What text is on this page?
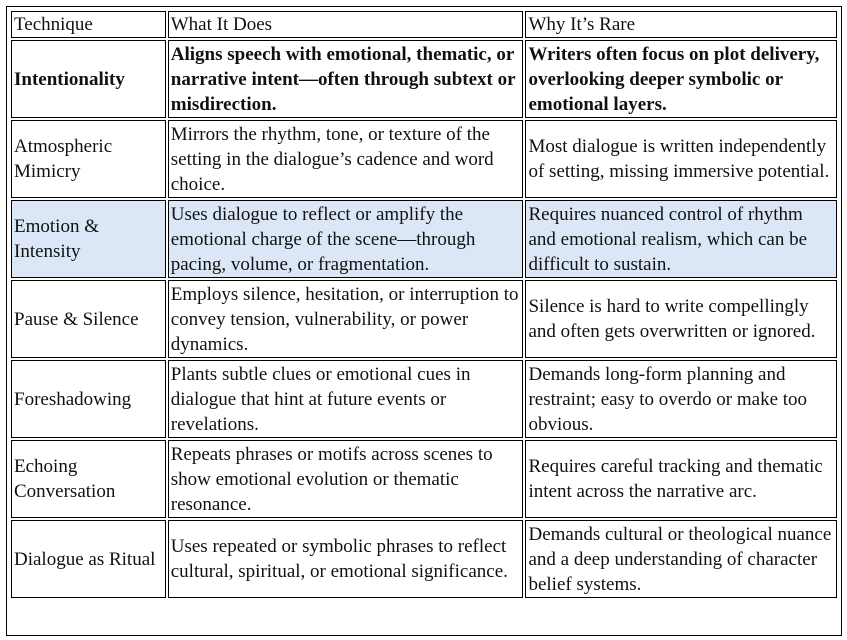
Technique	What It Does	Why It’s Rare
Intentionality	Aligns speech with emotional, thematic, or narrative intent—often through subtext or misdirection.	Writers often focus on plot delivery, overlooking deeper symbolic or emotional layers.
Atmospheric Mimicry	Mirrors the rhythm, tone, or texture of the setting in the dialogue’s cadence and word choice.	Most dialogue is written independently of setting, missing immersive potential.
Emotion & Intensity	Uses dialogue to reflect or amplify the emotional charge of the scene—through pacing, volume, or fragmentation.	Requires nuanced control of rhythm and emotional realism, which can be difficult to sustain.
Pause & Silence	Employs silence, hesitation, or interruption to convey tension, vulnerability, or power dynamics.	Silence is hard to write compellingly and often gets overwritten or ignored.
Foreshadowing	Plants subtle clues or emotional cues in dialogue that hint at future events or revelations.	Demands long-form planning and restraint; easy to overdo or make too obvious.
Echoing Conversation	Repeats phrases or motifs across scenes to show emotional evolution or thematic resonance.	Requires careful tracking and thematic intent across the narrative arc.
Dialogue as Ritual	Uses repeated or symbolic phrases to reflect cultural, spiritual, or emotional significance.	Demands cultural or theological nuance and a deep understanding of character belief systems.
